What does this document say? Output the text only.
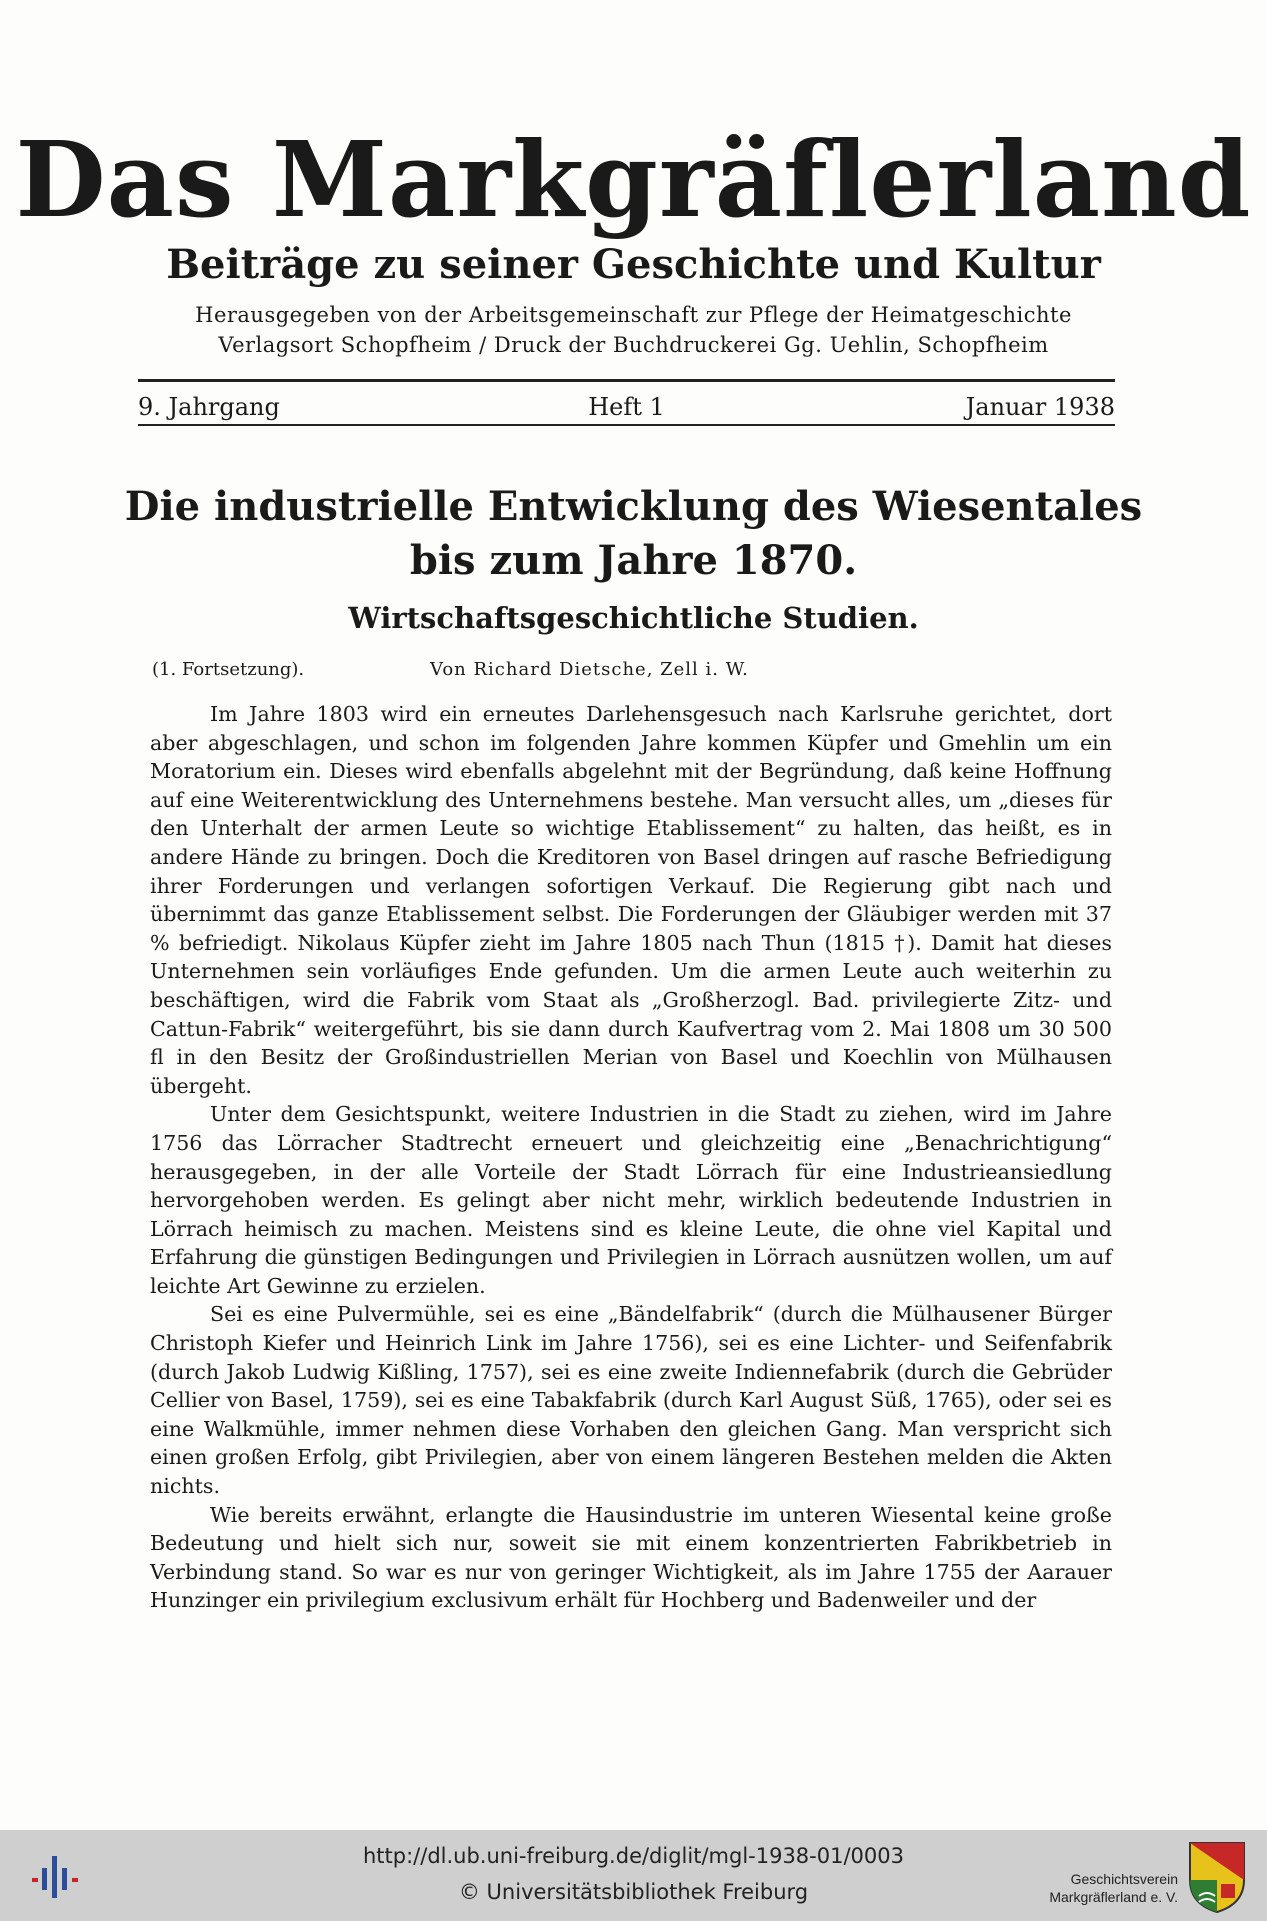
Das Markgräflerland
Beiträge zu seiner Geschichte und Kultur
Herausgegeben von der Arbeitsgemeinschaft zur Pflege der Heimatgeschichte
Verlagsort Schopfheim / Druck der Buchdruckerei Gg. Uehlin, Schopfheim
9. Jahrgang	Heft 1	Januar 1938
Die industrielle Entwicklung des Wiesentales
bis zum Jahre 1870.
Wirtschaftsgeschichtliche Studien.
(1. Fortsetzung).	Von Richard Dietsche, Zell i. W.

Im Jahre 1803 wird ein erneutes Darlehensgesuch nach Karlsruhe gerichtet, dort aber abgeschlagen, und schon im folgenden Jahre kommen Küpfer und Gmehlin um ein Moratorium ein. Dieses wird ebenfalls abgelehnt mit der Begründung, daß keine Hoffnung auf eine Weiterentwicklung des Unternehmens bestehe. Man versucht alles, um „dieses für den Unterhalt der armen Leute so wichtige Etablissement“ zu halten, das heißt, es in andere Hände zu bringen. Doch die Kreditoren von Basel dringen auf rasche Befriedigung ihrer Forderungen und verlangen sofortigen Verkauf. Die Regierung gibt nach und übernimmt das ganze Etablissement selbst. Die Forderungen der Gläubiger werden mit 37 % befriedigt. Nikolaus Küpfer zieht im Jahre 1805 nach Thun (1815 †). Damit hat dieses Unternehmen sein vorläufiges Ende gefunden. Um die armen Leute auch weiterhin zu beschäftigen, wird die Fabrik vom Staat als „Großherzogl. Bad. privilegierte Zitz- und Cattun-Fabrik“ weitergeführt, bis sie dann durch Kaufvertrag vom 2. Mai 1808 um 30 500 fl in den Besitz der Großindustriellen Merian von Basel und Koechlin von Mülhausen übergeht.

Unter dem Gesichtspunkt, weitere Industrien in die Stadt zu ziehen, wird im Jahre 1756 das Lörracher Stadtrecht erneuert und gleichzeitig eine „Benachrichtigung“ herausgegeben, in der alle Vorteile der Stadt Lörrach für eine Industrieansiedlung hervorgehoben werden. Es gelingt aber nicht mehr, wirklich bedeutende Industrien in Lörrach heimisch zu machen. Meistens sind es kleine Leute, die ohne viel Kapital und Erfahrung die günstigen Bedingungen und Privilegien in Lörrach ausnützen wollen, um auf leichte Art Gewinne zu erzielen.

Sei es eine Pulvermühle, sei es eine „Bändelfabrik“ (durch die Mülhausener Bürger Christoph Kiefer und Heinrich Link im Jahre 1756), sei es eine Lichter- und Seifenfabrik (durch Jakob Ludwig Kißling, 1757), sei es eine zweite Indiennefabrik (durch die Gebrüder Cellier von Basel, 1759), sei es eine Tabakfabrik (durch Karl August Süß, 1765), oder sei es eine Walkmühle, immer nehmen diese Vorhaben den gleichen Gang. Man verspricht sich einen großen Erfolg, gibt Privilegien, aber von einem längeren Bestehen melden die Akten nichts.

Wie bereits erwähnt, erlangte die Hausindustrie im unteren Wiesental keine große Bedeutung und hielt sich nur, soweit sie mit einem konzentrierten Fabrikbetrieb in Verbindung stand. So war es nur von geringer Wichtigkeit, als im Jahre 1755 der Aarauer Hunzinger ein privilegium exclusivum erhält für Hochberg und Badenweiler und der

http://dl.ub.uni-freiburg.de/diglit/mgl-1938-01/0003
© Universitätsbibliothek Freiburg
Geschichtsverein
Markgräflerland e. V.
